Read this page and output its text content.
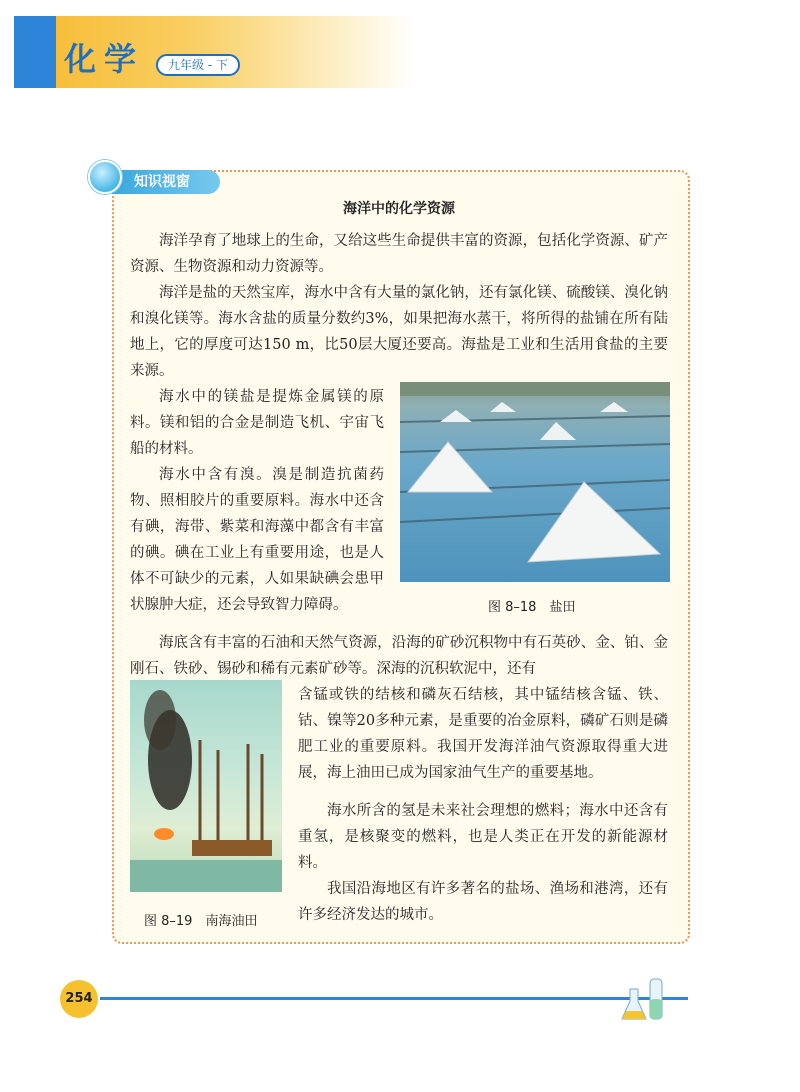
化学	九年级 - 下
知识视窗
海洋中的化学资源

海洋孕育了地球上的生命，又给这些生命提供丰富的资源，包括化学资源、矿产资源、生物资源和动力资源等。

海洋是盐的天然宝库，海水中含有大量的氯化钠，还有氯化镁、硫酸镁、溴化钠和溴化镁等。海水含盐的质量分数约3%，如果把海水蒸干，将所得的盐铺在所有陆地上，它的厚度可达150 m，比50层大厦还要高。海盐是工业和生活用食盐的主要来源。

海水中的镁盐是提炼金属镁的原料。镁和铝的合金是制造飞机、宇宙飞船的材料。

海水中含有溴。溴是制造抗菌药物、照相胶片的重要原料。海水中还含有碘，海带、紫菜和海藻中都含有丰富的碘。碘在工业上有重要用途，也是人体不可缺少的元素，人如果缺碘会患甲状腺肿大症，还会导致智力障碍。	图 8–18　盐田

海底含有丰富的石油和天然气资源，沿海的矿砂沉积物中有石英砂、金、铂、金刚石、铁砂、锡砂和稀有元素矿砂等。深海的沉积软泥中，还有

含锰或铁的结核和磷灰石结核，其中锰结核含锰、铁、钴、镍等20多种元素，是重要的冶金原料，磷矿石则是磷肥工业的重要原料。我国开发海洋油气资源取得重大进展，海上油田已成为国家油气生产的重要基地。

海水所含的氢是未来社会理想的燃料；海水中还含有重氢，是核聚变的燃料，也是人类正在开发的新能源材料。

我国沿海地区有许多著名的盐场、渔场和港湾，还有许多经济发达的城市。

图 8–19　南海油田
254
